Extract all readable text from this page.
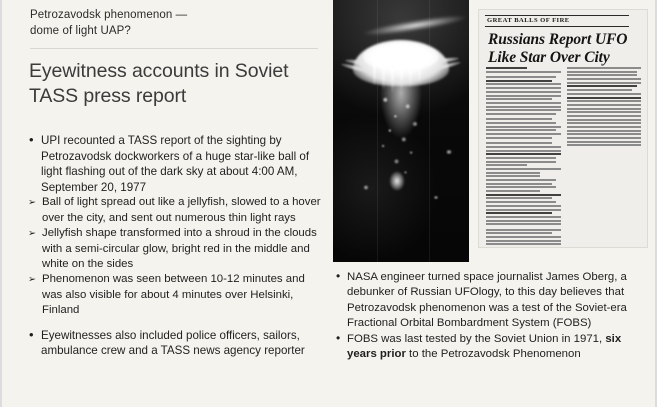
Petrozavodsk phenomenon —
dome of light UAP?
Eyewitness accounts in Soviet TASS press report
• UPI recounted a TASS report of the sighting by Petrozavodsk dockworkers of a huge star-like ball of light flashing out of the dark sky at about 4:00 AM, September 20, 1977
➢ Ball of light spread out like a jellyfish, slowed to a hover over the city, and sent out numerous thin light rays
➢ Jellyfish shape transformed into a shroud in the clouds with a semi-circular glow, bright red in the middle and white on the sides
➢ Phenomenon was seen between 10-12 minutes and was also visible for about 4 minutes over Helsinki, Finland
• Eyewitnesses also included police officers, sailors, ambulance crew and a TASS news agency reporter
GREAT BALLS OF FIRE
Russians Report UFO
Like Star Over City
• NASA engineer turned space journalist James Oberg, a debunker of Russian UFOlogy, to this day believes that Petrozavodsk phenomenon was a test of the Soviet-era Fractional Orbital Bombardment System (FOBS)
• FOBS was last tested by the Soviet Union in 1971, six years prior to the Petrozavodsk Phenomenon
